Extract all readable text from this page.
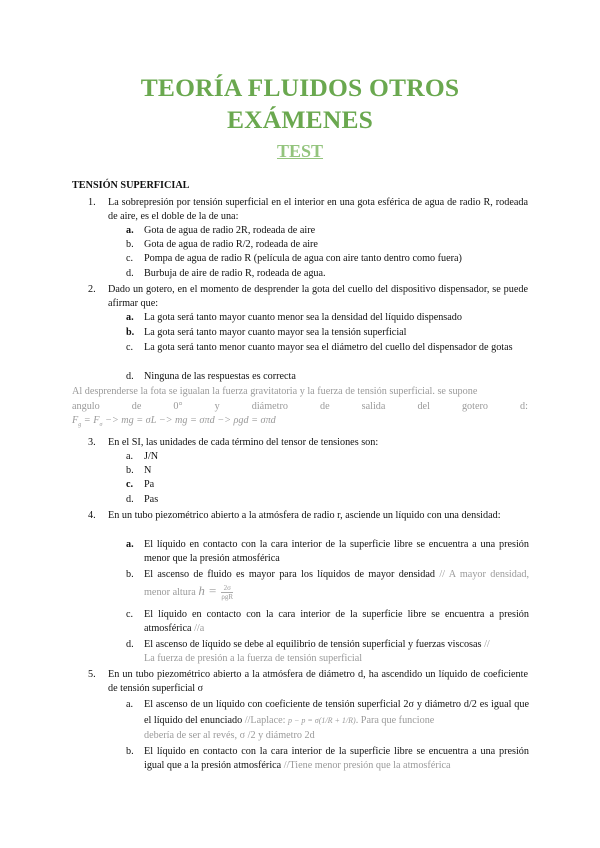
TEORÍA FLUIDOS OTROS
EXÁMENES
TEST
TENSIÓN SUPERFICIAL
1. La sobrepresión por tensión superficial en el interior en una gota esférica de agua de radio R, rodeada de aire, es el doble de la de una:
a. Gota de agua de radio 2R, rodeada de aire
b. Gota de agua de radio R/2, rodeada de aire
c. Pompa de agua de radio R (película de agua con aire tanto dentro como fuera)
d. Burbuja de aire de radio R, rodeada de agua.
2. Dado un gotero, en el momento de desprender la gota del cuello del dispositivo dispensador, se puede afirmar que:
a. La gota será tanto mayor cuanto menor sea la densidad del líquido dispensado
b. La gota será tanto mayor cuanto mayor sea la tensión superficial
c. La gota será tanto menor cuanto mayor sea el diámetro del cuello del dispensador de gotas
d. Ninguna de las respuestas es correcta
Al desprenderse la fota se igualan la fuerza gravitatoria y la fuerza de tensión superficial. se supone
angulo	de	0°	y	diámetro	de	salida	del	gotero	d:
$F_g = F_\sigma$ −> mg = σL −> mg = σπd −> ρgd = σπd
3. En el SI, las unidades de cada término del tensor de tensiones son:
a. J/N
b. N
c. Pa
d. Pas
4. En un tubo piezométrico abierto a la atmósfera de radio r, asciende un líquido con una densidad:
a. El líquido en contacto con la cara interior de la superficie libre se encuentra a una presión menor que la presión atmosférica
b. El ascenso de fluido es mayor para los líquidos de mayor densidad // A mayor densidad, menor altura $h = \frac{2\sigma}{\text{ρgR}}$
c. El líquido en contacto con la cara interior de la superficie libre se encuentra a presión atmosférica //a
d. El ascenso de líquido se debe al equilibrio de tensión superficial y fuerzas viscosas //
La fuerza de presión a la fuerza de tensión superficial
5. En un tubo piezométrico abierto a la atmósfera de diámetro d, ha ascendido un líquido de coeficiente de tensión superficial σ
a. El ascenso de un líquido con coeficiente de tensión superficial 2σ y diámetro d/2 es igual que el líquido del enunciado //Laplace: p − p = σ(1/R + 1/R). Para que funcione
debería de ser al revés, σ /2 y diámetro 2d
b. El líquido en contacto con la cara interior de la superficie libre se encuentra a una presión igual que a la presión atmosférica //Tiene menor presión que la atmosférica
